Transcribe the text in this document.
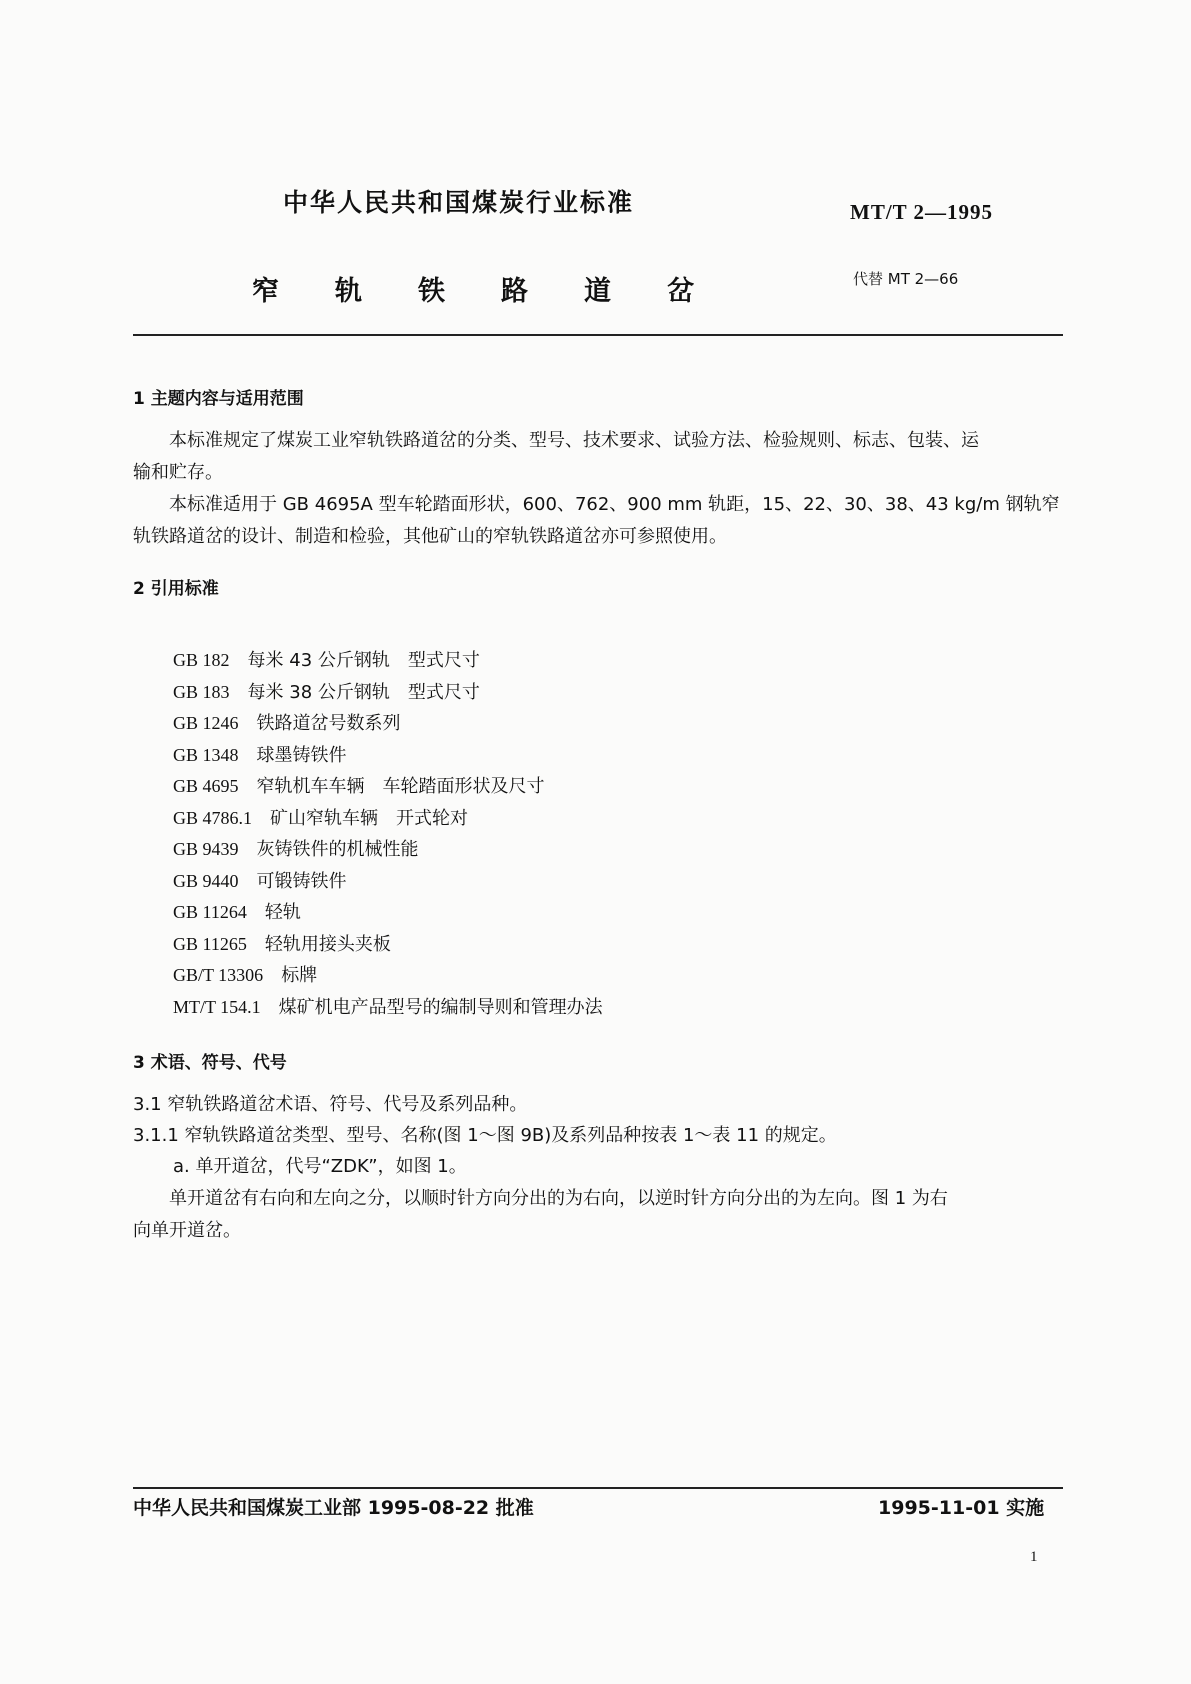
中华人民共和国煤炭行业标准	MT/T 2—1995
窄轨铁路道岔	代替 MT 2—66
1 主题内容与适用范围
本标准规定了煤炭工业窄轨铁路道岔的分类、型号、技术要求、试验方法、检验规则、标志、包装、运
输和贮存。
本标准适用于 GB 4695A 型车轮踏面形状，600、762、900 mm 轨距，15、22、30、38、43 kg/m 钢轨窄
轨铁路道岔的设计、制造和检验，其他矿山的窄轨铁路道岔亦可参照使用。
2 引用标准
GB 182　 每米 43 公斤钢轨　型式尺寸
GB 183　 每米 38 公斤钢轨　型式尺寸
GB 1246　 铁路道岔号数系列
GB 1348　 球墨铸铁件
GB 4695　 窄轨机车车辆　车轮踏面形状及尺寸
GB 4786.1　 矿山窄轨车辆　开式轮对
GB 9439　 灰铸铁件的机械性能
GB 9440　 可锻铸铁件
GB 11264　 轻轨
GB 11265　 轻轨用接头夹板
GB/T 13306　 标牌
MT/T 154.1　 煤矿机电产品型号的编制导则和管理办法
3 术语、符号、代号
3.1 窄轨铁路道岔术语、符号、代号及系列品种。
3.1.1 窄轨铁路道岔类型、型号、名称(图 1～图 9B)及系列品种按表 1～表 11 的规定。
a. 单开道岔，代号“ZDK”，如图 1。
单开道岔有右向和左向之分，以顺时针方向分出的为右向，以逆时针方向分出的为左向。图 1 为右
向单开道岔。
中华人民共和国煤炭工业部 1995-08-22 批准	1995-11-01 实施
1
